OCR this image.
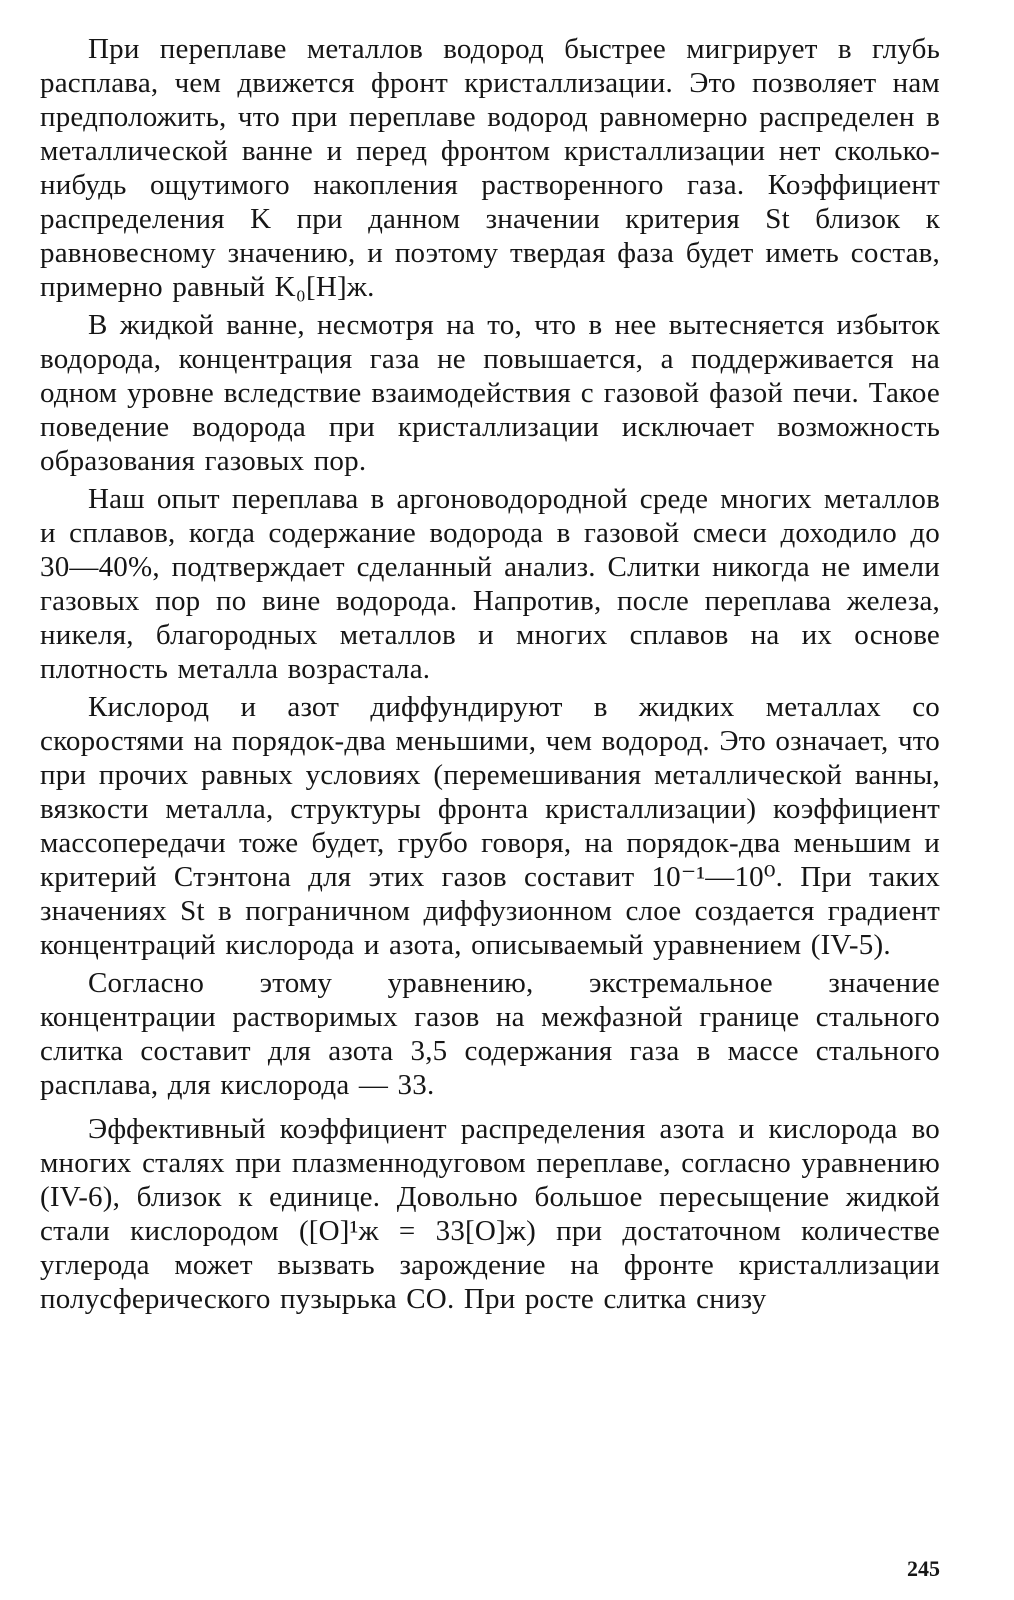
При переплаве металлов водород быстрее мигрирует в глубь расплава, чем движется фронт кристаллизации. Это позволяет нам предположить, что при переплаве водород равномерно распределен в металлической ванне и перед фронтом кристаллизации нет сколько-нибудь ощутимого накопления растворенного газа. Коэффициент распределения K при данном значении критерия St близок к равновесному значению, и поэтому твердая фаза будет иметь состав, примерно равный K₀[H]ж.

В жидкой ванне, несмотря на то, что в нее вытесняется избыток водорода, концентрация газа не повышается, а поддерживается на одном уровне вследствие взаимодействия с газовой фазой печи. Такое поведение водорода при кристаллизации исключает возможность образования газовых пор.

Наш опыт переплава в аргоноводородной среде многих металлов и сплавов, когда содержание водорода в газовой смеси доходило до 30—40%, подтверждает сделанный анализ. Слитки никогда не имели газовых пор по вине водорода. Напротив, после переплава железа, никеля, благородных металлов и многих сплавов на их основе плотность металла возрастала.

Кислород и азот диффундируют в жидких металлах со скоростями на порядок-два меньшими, чем водород. Это означает, что при прочих равных условиях (перемешивания металлической ванны, вязкости металла, структуры фронта кристаллизации) коэффициент массопередачи тоже будет, грубо говоря, на порядок-два меньшим и критерий Стэнтона для этих газов составит 10⁻¹—10⁰. При таких значениях St в пограничном диффузионном слое создается градиент концентраций кислорода и азота, описываемый уравнением (IV-5).

Согласно этому уравнению, экстремальное значение концентрации растворимых газов на межфазной границе стального слитка составит для азота 3,5 содержания газа в массе стального расплава, для кислорода — 33.

Эффективный коэффициент распределения азота и кислорода во многих сталях при плазменнодуговом переплаве, согласно уравнению (IV-6), близок к единице. Довольно большое пересыщение жидкой стали кислородом ([O]¹ж = 33[O]ж) при достаточном количестве углерода может вызвать зарождение на фронте кристаллизации полусферического пузырька CO. При росте слитка снизу

245
